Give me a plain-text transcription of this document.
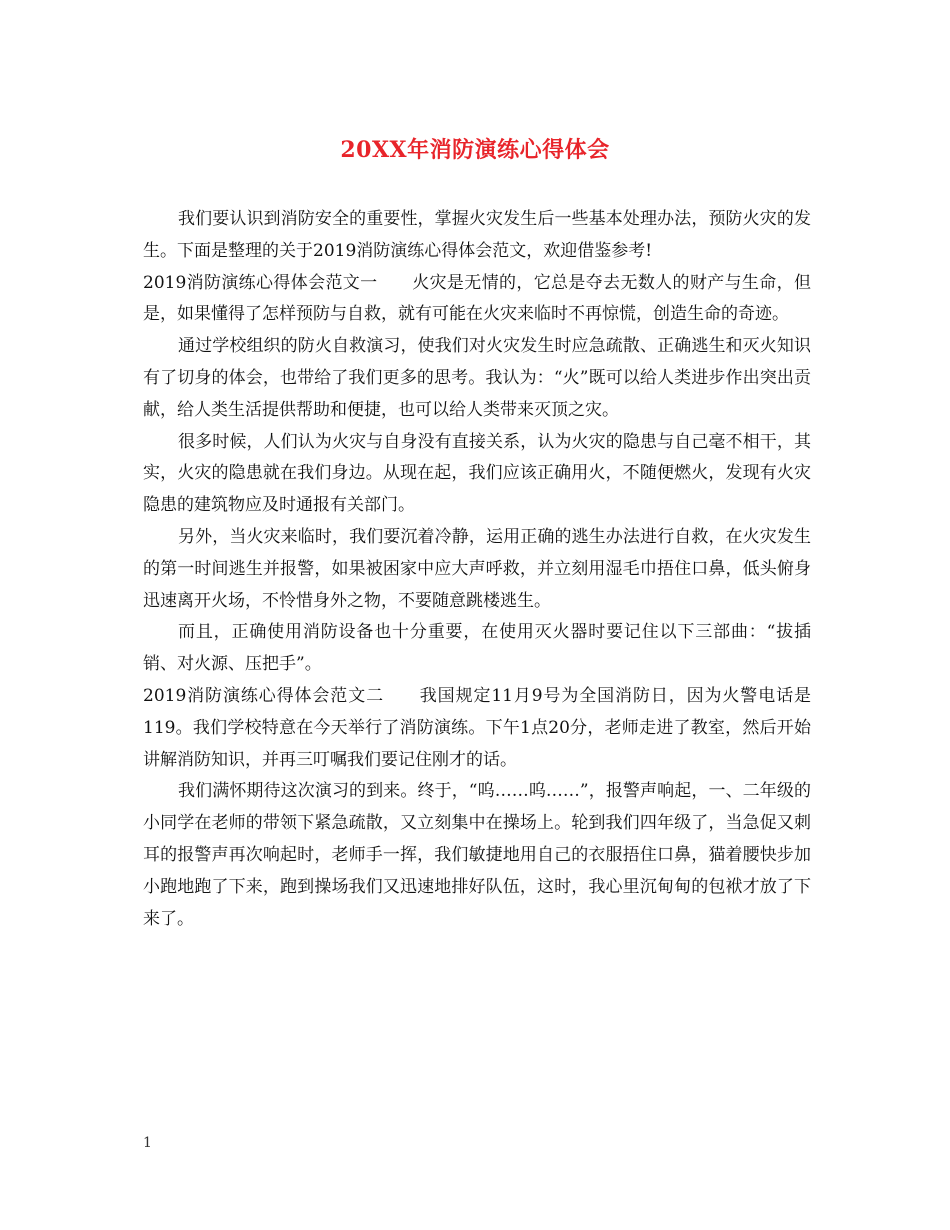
20XX年消防演练心得体会

我们要认识到消防安全的重要性，掌握火灾发生后一些基本处理办法，预防火灾的发生。下面是整理的关于2019消防演练心得体会范文，欢迎借鉴参考!

2019消防演练心得体会范文一　　火灾是无情的，它总是夺去无数人的财产与生命，但是，如果懂得了怎样预防与自救，就有可能在火灾来临时不再惊慌，创造生命的奇迹。

通过学校组织的防火自救演习，使我们对火灾发生时应急疏散、正确逃生和灭火知识有了切身的体会，也带给了我们更多的思考。我认为：“火”既可以给人类进步作出突出贡献，给人类生活提供帮助和便捷，也可以给人类带来灭顶之灾。

很多时候，人们认为火灾与自身没有直接关系，认为火灾的隐患与自己毫不相干，其实，火灾的隐患就在我们身边。从现在起，我们应该正确用火，不随便燃火，发现有火灾隐患的建筑物应及时通报有关部门。

另外，当火灾来临时，我们要沉着冷静，运用正确的逃生办法进行自救，在火灾发生的第一时间逃生并报警，如果被困家中应大声呼救，并立刻用湿毛巾捂住口鼻，低头俯身迅速离开火场，不怜惜身外之物，不要随意跳楼逃生。

而且，正确使用消防设备也十分重要，在使用灭火器时要记住以下三部曲：“拔插销、对火源、压把手”。

2019消防演练心得体会范文二　　我国规定11月9号为全国消防日，因为火警电话是119。我们学校特意在今天举行了消防演练。下午1点20分，老师走进了教室，然后开始讲解消防知识，并再三叮嘱我们要记住刚才的话。

我们满怀期待这次演习的到来。终于，“呜……呜……”，报警声响起，一、二年级的小同学在老师的带领下紧急疏散，又立刻集中在操场上。轮到我们四年级了，当急促又刺耳的报警声再次响起时，老师手一挥，我们敏捷地用自己的衣服捂住口鼻，猫着腰快步加小跑地跑了下来，跑到操场我们又迅速地排好队伍，这时，我心里沉甸甸的包袱才放了下来了。

1
